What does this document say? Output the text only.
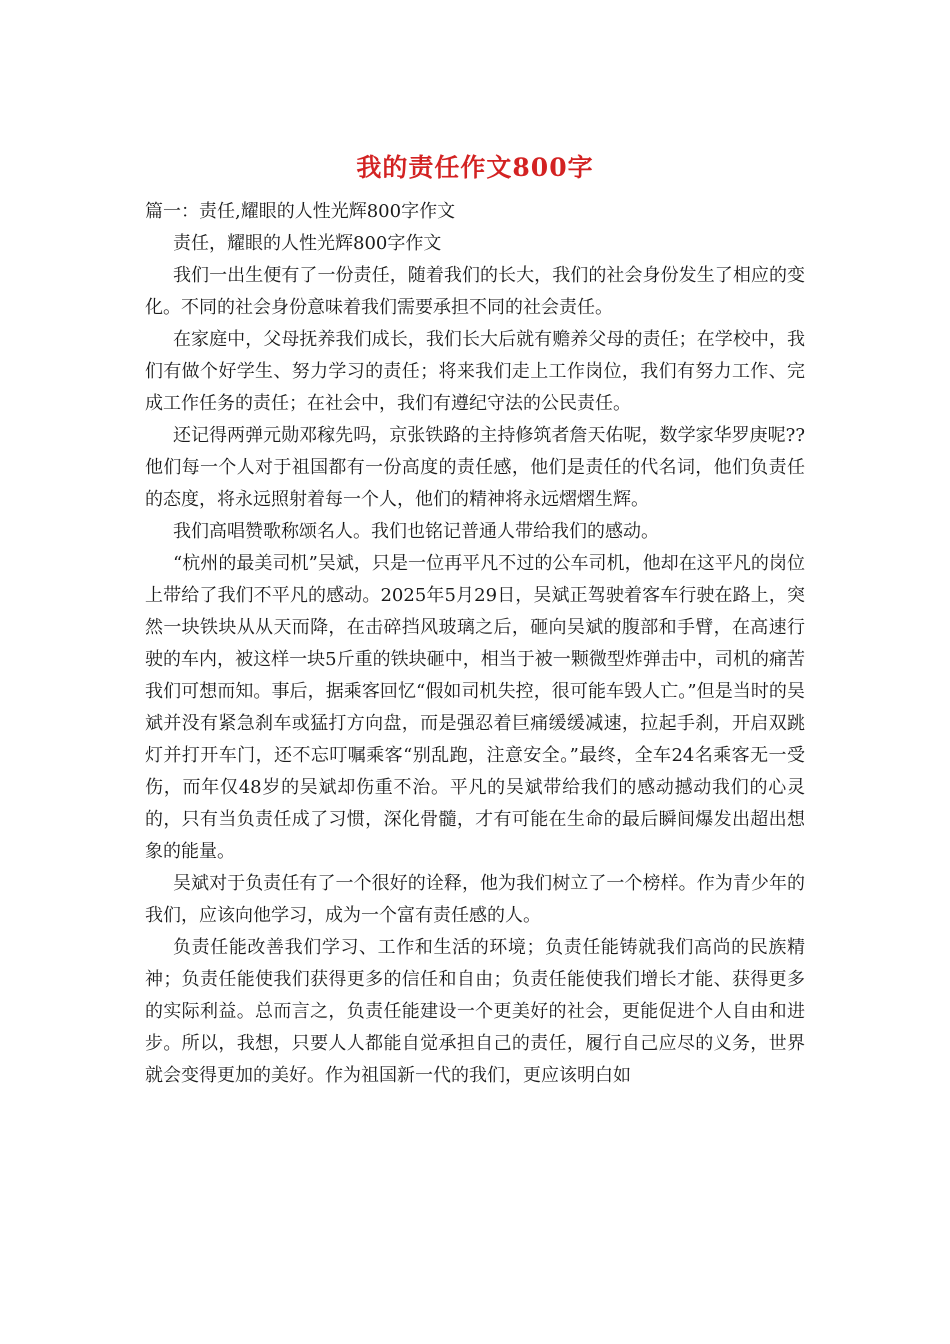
我的责任作文800字

篇一：责任,耀眼的人性光辉800字作文

责任，耀眼的人性光辉800字作文

我们一出生便有了一份责任，随着我们的长大，我们的社会身份发生了相应的变化。不同的社会身份意味着我们需要承担不同的社会责任。

在家庭中，父母抚养我们成长，我们长大后就有赡养父母的责任；在学校中，我们有做个好学生、努力学习的责任；将来我们走上工作岗位，我们有努力工作、完成工作任务的责任；在社会中，我们有遵纪守法的公民责任。

还记得两弹元勋邓稼先吗，京张铁路的主持修筑者詹天佑呢，数学家华罗庚呢??他们每一个人对于祖国都有一份高度的责任感，他们是责任的代名词，他们负责任的态度，将永远照射着每一个人，他们的精神将永远熠熠生辉。

我们高唱赞歌称颂名人。我们也铭记普通人带给我们的感动。

“杭州的最美司机”吴斌，只是一位再平凡不过的公车司机，他却在这平凡的岗位上带给了我们不平凡的感动。2025年5月29日，吴斌正驾驶着客车行驶在路上，突然一块铁块从从天而降，在击碎挡风玻璃之后，砸向吴斌的腹部和手臂，在高速行驶的车内，被这样一块5斤重的铁块砸中，相当于被一颗微型炸弹击中，司机的痛苦我们可想而知。事后，据乘客回忆“假如司机失控，很可能车毁人亡。”但是当时的吴斌并没有紧急刹车或猛打方向盘，而是强忍着巨痛缓缓减速，拉起手刹，开启双跳灯并打开车门，还不忘叮嘱乘客“别乱跑，注意安全。”最终，全车24名乘客无一受伤，而年仅48岁的吴斌却伤重不治。平凡的吴斌带给我们的感动撼动我们的心灵的，只有当负责任成了习惯，深化骨髓，才有可能在生命的最后瞬间爆发出超出想象的能量。

吴斌对于负责任有了一个很好的诠释，他为我们树立了一个榜样。作为青少年的我们，应该向他学习，成为一个富有责任感的人。

负责任能改善我们学习、工作和生活的环境；负责任能铸就我们高尚的民族精神；负责任能使我们获得更多的信任和自由；负责任能使我们增长才能、获得更多的实际利益。总而言之，负责任能建设一个更美好的社会，更能促进个人自由和进步。所以，我想，只要人人都能自觉承担自己的责任，履行自己应尽的义务，世界就会变得更加的美好。作为祖国新一代的我们，更应该明白如
